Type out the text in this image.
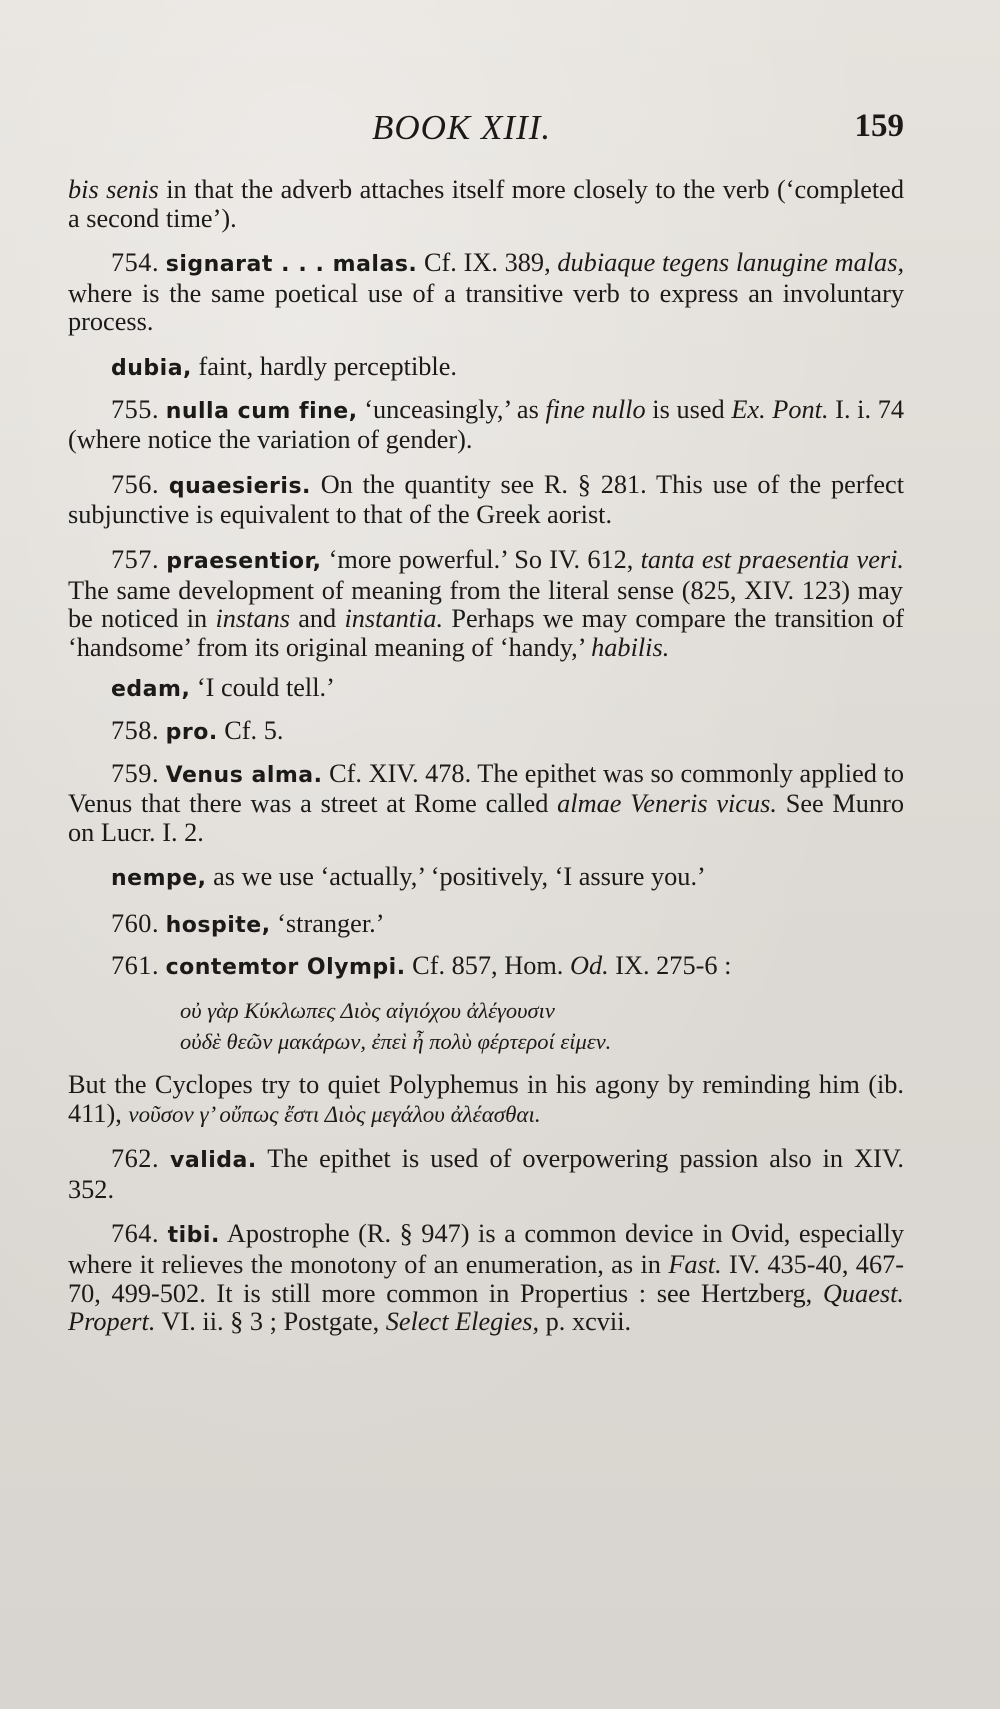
BOOK XIII.	159

bis senis in that the adverb attaches itself more closely to the verb (‘completed a second time’).

754. signarat . . . malas. Cf. IX. 389, dubiaque tegens lanugine malas, where is the same poetical use of a transitive verb to express an involuntary process.

dubia, faint, hardly perceptible.

755. nulla cum fine, ‘unceasingly,’ as fine nullo is used Ex. Pont. I. i. 74 (where notice the variation of gender).

756. quaesieris. On the quantity see R. § 281. This use of the perfect subjunctive is equivalent to that of the Greek aorist.

757. praesentior, ‘more powerful.’ So IV. 612, tanta est praesentia veri. The same development of meaning from the literal sense (825, XIV. 123) may be noticed in instans and instantia. Perhaps we may compare the transition of ‘handsome’ from its original meaning of ‘handy,’ habilis.

edam, ‘I could tell.’

758. pro. Cf. 5.

759. Venus alma. Cf. XIV. 478. The epithet was so commonly applied to Venus that there was a street at Rome called almae Veneris vicus. See Munro on Lucr. I. 2.

nempe, as we use ‘actually,’ ‘positively, ‘I assure you.’

760. hospite, ‘stranger.’

761. contemtor Olympi. Cf. 857, Hom. Od. IX. 275-6 :

οὐ γὰρ Κύκλωπες Διὸς αἰγιόχου ἀλέγουσιν
οὐδὲ θεῶν μακάρων, ἐπεὶ ἦ πολὺ φέρτεροί εἰμεν.

But the Cyclopes try to quiet Polyphemus in his agony by reminding him (ib. 411), νοῦσον γ’ οὔπως ἔστι Διὸς μεγάλου ἀλέασθαι.

762. valida. The epithet is used of overpowering passion also in XIV. 352.

764. tibi. Apostrophe (R. § 947) is a common device in Ovid, especially where it relieves the monotony of an enumeration, as in Fast. IV. 435-40, 467-70, 499-502. It is still more common in Propertius : see Hertzberg, Quaest. Propert. VI. ii. § 3 ; Postgate, Select Elegies, p. xcvii.
